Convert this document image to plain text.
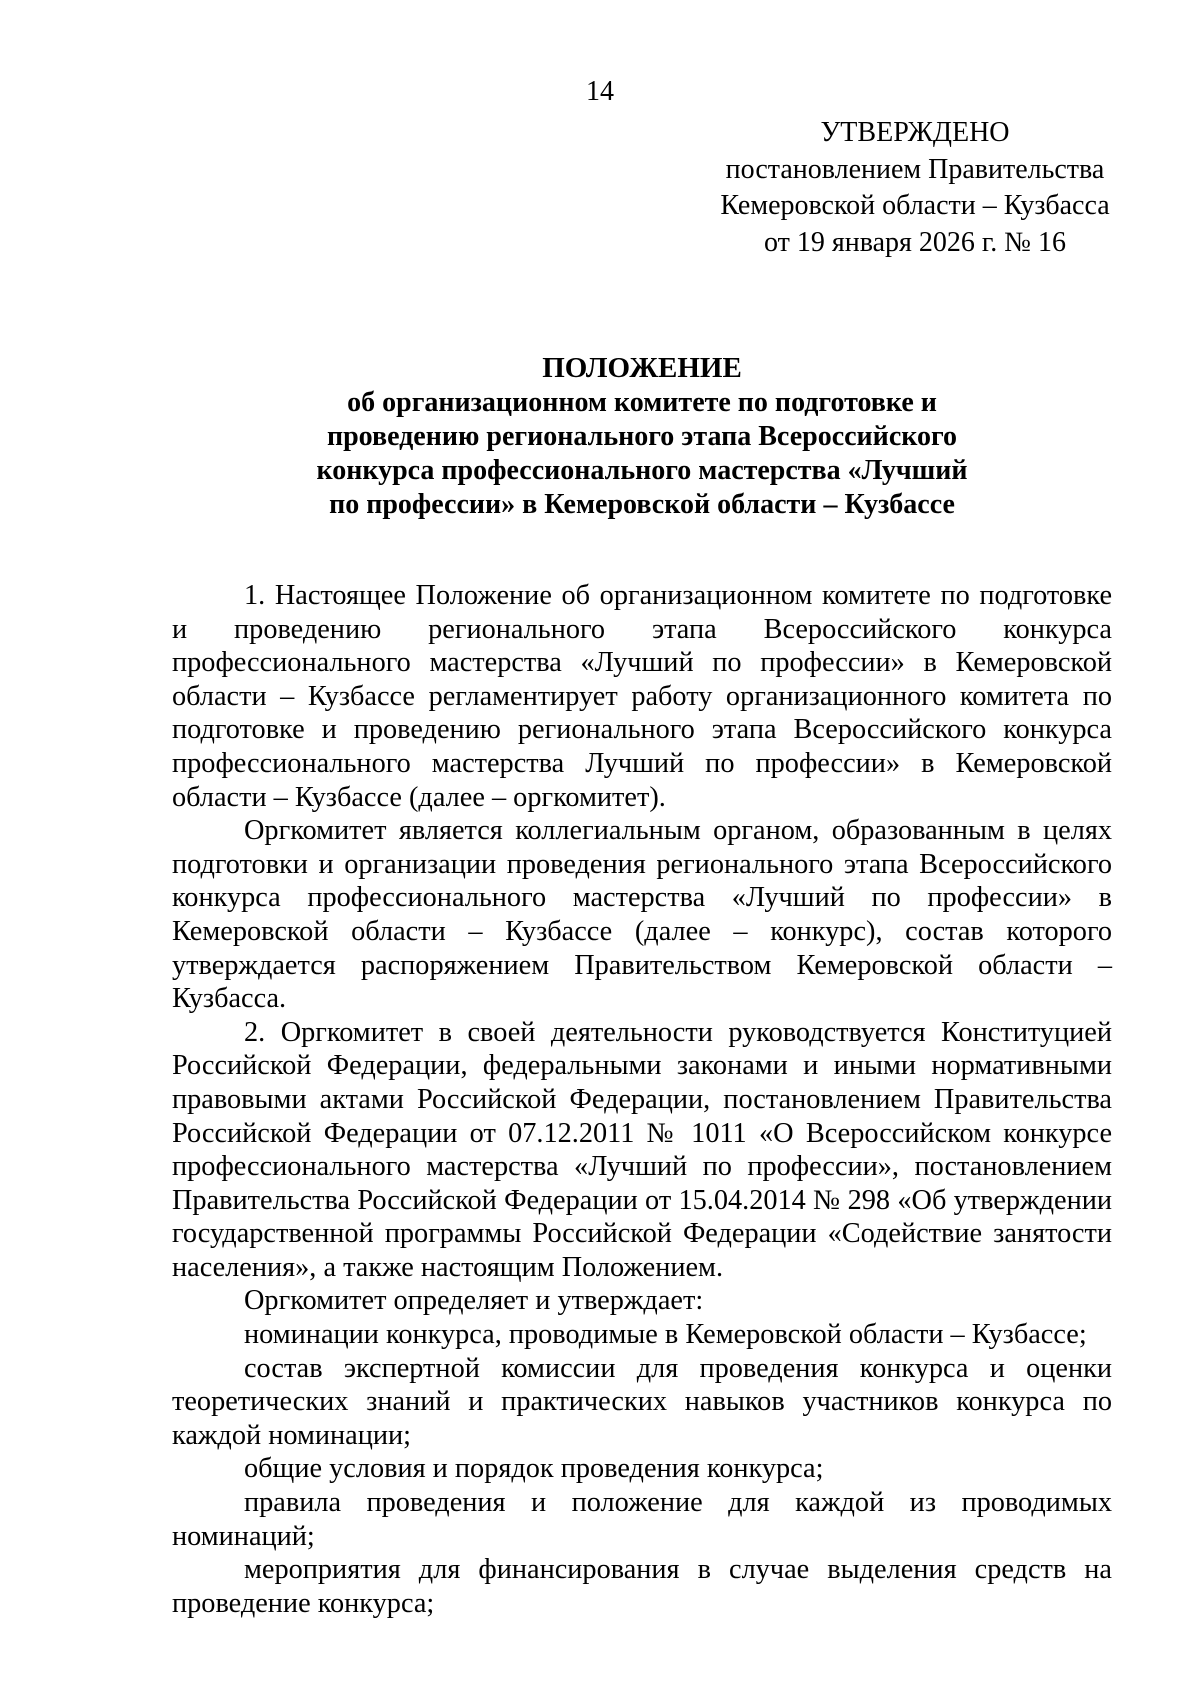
14
УТВЕРЖДЕНО
постановлением Правительства
Кемеровской области – Кузбасса
от 19 января 2026 г. № 16
ПОЛОЖЕНИЕ
об организационном комитете по подготовке и
проведению регионального этапа Всероссийского
конкурса профессионального мастерства «Лучший
по профессии» в Кемеровской области – Кузбассе

1. Настоящее Положение об организационном комитете по подготовке и проведению регионального этапа Всероссийского конкурса профессионального мастерства «Лучший по профессии» в Кемеровской области – Кузбассе регламентирует работу организационного комитета по подготовке и проведению регионального этапа Всероссийского конкурса профессионального мастерства Лучший по профессии» в Кемеровской области – Кузбассе (далее – оргкомитет).

Оргкомитет является коллегиальным органом, образованным в целях подготовки и организации проведения регионального этапа Всероссийского конкурса профессионального мастерства «Лучший по профессии» в Кемеровской области – Кузбассе (далее – конкурс), состав которого утверждается распоряжением Правительством Кемеровской области – Кузбасса.

2. Оргкомитет в своей деятельности руководствуется Конституцией Российской Федерации, федеральными законами и иными нормативными правовыми актами Российской Федерации, постановлением Правительства Российской Федерации от 07.12.2011 № 1011 «О Всероссийском конкурсе профессионального мастерства «Лучший по профессии», постановлением Правительства Российской Федерации от 15.04.2014 № 298 «Об утверждении государственной программы Российской Федерации «Содействие занятости населения», а также настоящим Положением.

Оргкомитет определяет и утверждает:

номинации конкурса, проводимые в Кемеровской области – Кузбассе;

состав экспертной комиссии для проведения конкурса и оценки теоретических знаний и практических навыков участников конкурса по каждой номинации;

общие условия и порядок проведения конкурса;

правила проведения и положение для каждой из проводимых номинаций;

мероприятия для финансирования в случае выделения средств на проведение конкурса;
